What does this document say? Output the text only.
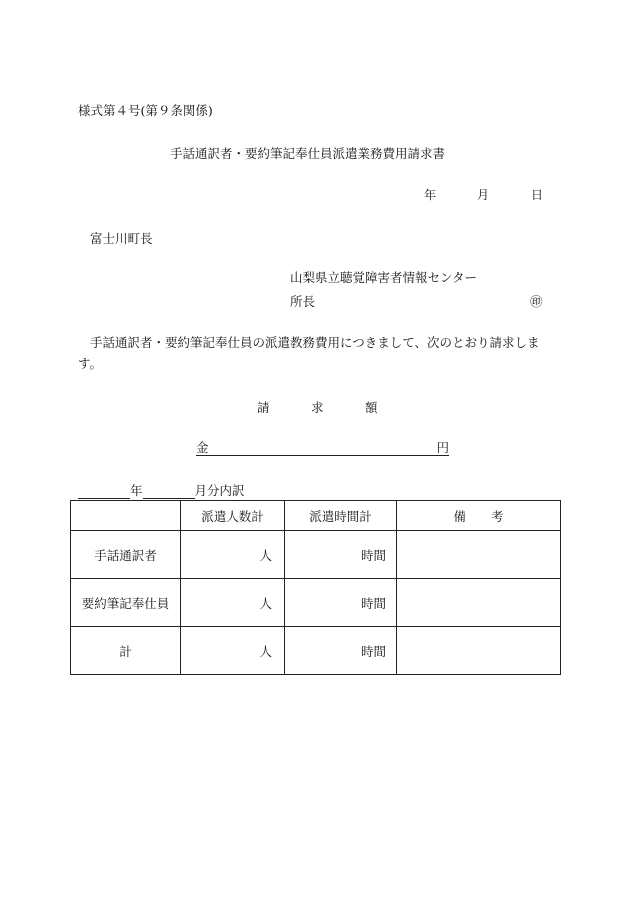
様式第４号(第９条関係)
手話通訳者・要約筆記奉仕員派遣業務費用請求書
年	月	日
富士川町長
山梨県立聴覚障害者情報センター
所長	㊞
手話通訳者・要約筆記奉仕員の派遣教務費用につきまして、次のとおり請求します。
請	求	額
金	円
年	月分内訳
	派遣人数計	派遣時間計	備　　考
手話通訳者	人	時間	
要約筆記奉仕員	人	時間	
計	人	時間	
